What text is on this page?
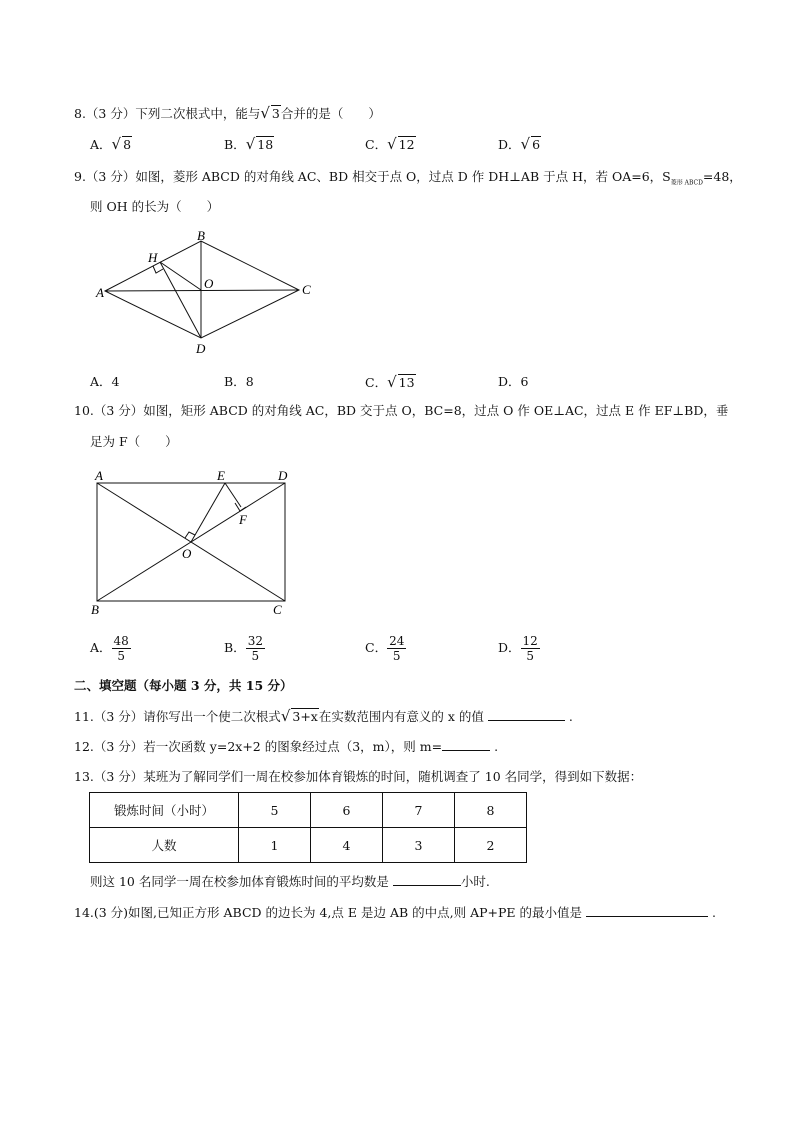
8.（3 分）下列二次根式中，能与√ 3合并的是（　　）
A．√ 8	B．√ 18	C．√ 12	D．√ 6
9.（3 分）如图，菱形 ABCD 的对角线 AC、BD 相交于点 O，过点 D 作 DH⊥AB 于点 H，若 OA=6，$S_{菱形 ABCD}=48$，
则 OH 的长为（　　）
A
B
C
D
O
H
A	E	D
F
O
B	C
A．4	B．8	C．√ 13	D．6
10.（3 分）如图，矩形 ABCD 的对角线 AC，BD 交于点 O，BC=8，过点 O 作 OE⊥AC，过点 E 作 EF⊥BD，垂
足为 F（　　）
A． $\frac{48}{5}$	B． $\frac{32}{5}$	C． $\frac{24}{5}$	D． $\frac{12}{5}$
二、填空题（每小题 3 分，共 15 分）
11.（3 分）请你写出一个使二次根式√ 3+x在实数范围内有意义的 x 的值	.
12.（3 分）若一次函数 y=2x+2 的图象经过点（3，m），则 m=	.
13.（3 分）某班为了解同学们一周在校参加体育锻炼的时间，随机调查了 10 名同学，得到如下数据：
锻炼时间（小时）	5	6	7	8
人数	1	4	3	2
则这 10 名同学一周在校参加体育锻炼时间的平均数是	小时.
14.(3 分)如图,已知正方形 ABCD 的边长为 4,点 E 是边 AB 的中点,则 AP+PE 的最小值是	.
